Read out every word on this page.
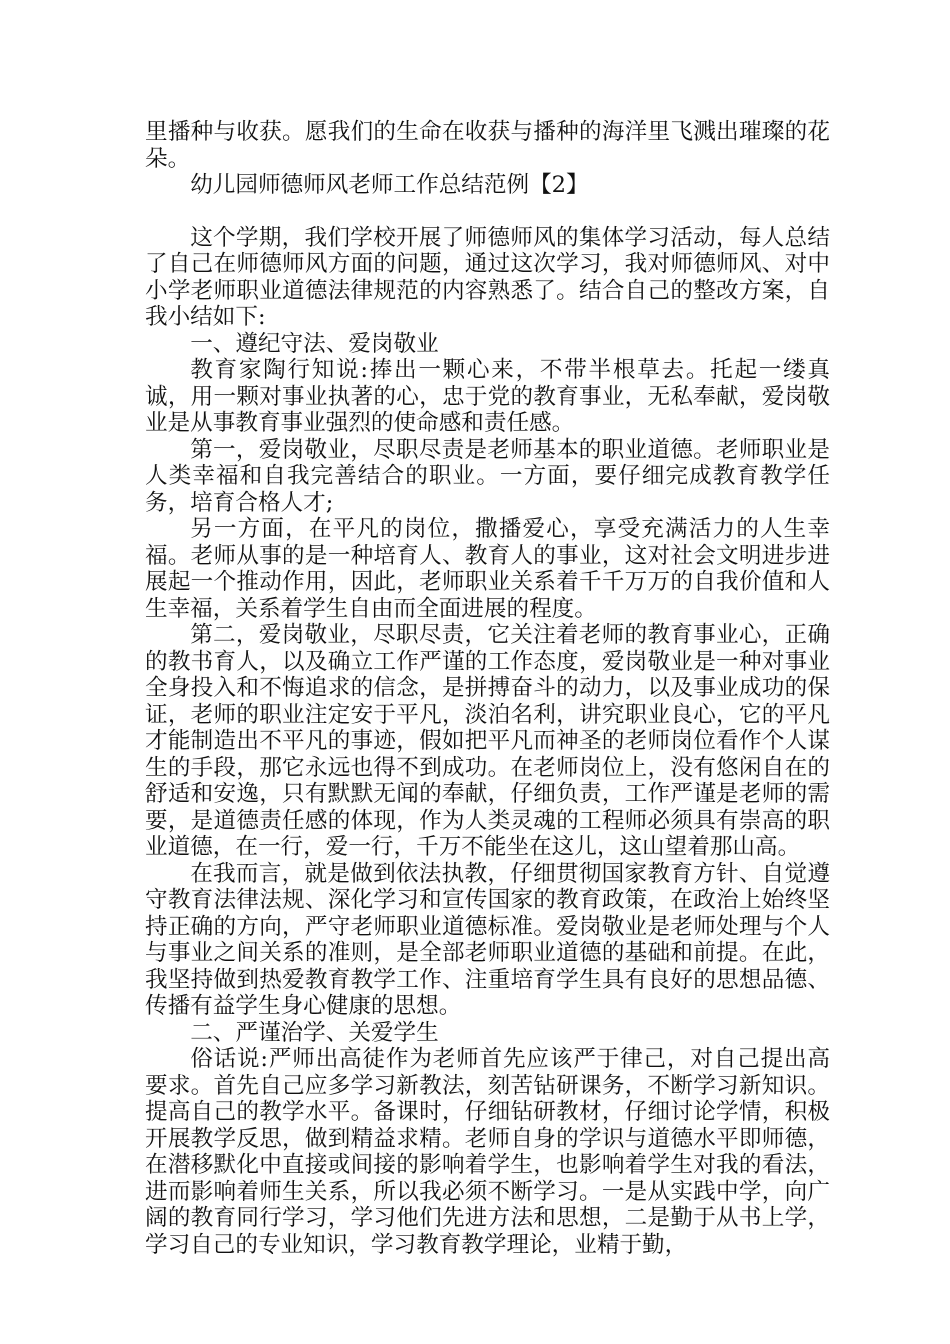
里播种与收获。愿我们的生命在收获与播种的海洋里飞溅出璀璨的花朵。

幼儿园师德师风老师工作总结范例【2】

这个学期，我们学校开展了师德师风的集体学习活动，每人总结了自己在师德师风方面的问题，通过这次学习，我对师德师风、对中小学老师职业道德法律规范的内容熟悉了。结合自己的整改方案，自我小结如下:

一、遵纪守法、爱岗敬业

教育家陶行知说:捧出一颗心来，不带半根草去。托起一缕真诚，用一颗对事业执著的心，忠于党的教育事业，无私奉献，爱岗敬业是从事教育事业强烈的使命感和责任感。

第一，爱岗敬业，尽职尽责是老师基本的职业道德。老师职业是人类幸福和自我完善结合的职业。一方面，要仔细完成教育教学任务，培育合格人才;

另一方面，在平凡的岗位，撒播爱心，享受充满活力的人生幸福。老师从事的是一种培育人、教育人的事业，这对社会文明进步进展起一个推动作用，因此，老师职业关系着千千万万的自我价值和人生幸福，关系着学生自由而全面进展的程度。

第二，爱岗敬业，尽职尽责，它关注着老师的教育事业心，正确的教书育人，以及确立工作严谨的工作态度，爱岗敬业是一种对事业全身投入和不悔追求的信念，是拼搏奋斗的动力，以及事业成功的保证，老师的职业注定安于平凡，淡泊名利，讲究职业良心，它的平凡才能制造出不平凡的事迹，假如把平凡而神圣的老师岗位看作个人谋生的手段，那它永远也得不到成功。在老师岗位上，没有悠闲自在的舒适和安逸，只有默默无闻的奉献，仔细负责，工作严谨是老师的需要，是道德责任感的体现，作为人类灵魂的工程师必须具有崇高的职业道德，在一行，爱一行，千万不能坐在这儿，这山望着那山高。

在我而言，就是做到依法执教，仔细贯彻国家教育方针、自觉遵守教育法律法规、深化学习和宣传国家的教育政策，在政治上始终坚持正确的方向，严守老师职业道德标准。爱岗敬业是老师处理与个人与事业之间关系的准则，是全部老师职业道德的基础和前提。在此，我坚持做到热爱教育教学工作、注重培育学生具有良好的思想品德、传播有益学生身心健康的思想。

二、严谨治学、关爱学生

俗话说:严师出高徒作为老师首先应该严于律己，对自己提出高要求。首先自己应多学习新教法，刻苦钻研课务，不断学习新知识。提高自己的教学水平。备课时，仔细钻研教材，仔细讨论学情，积极开展教学反思，做到精益求精。老师自身的学识与道德水平即师德，在潜移默化中直接或间接的影响着学生，也影响着学生对我的看法，进而影响着师生关系，所以我必须不断学习。一是从实践中学，向广阔的教育同行学习，学习他们先进方法和思想，二是勤于从书上学，学习自己的专业知识，学习教育教学理论，业精于勤，
